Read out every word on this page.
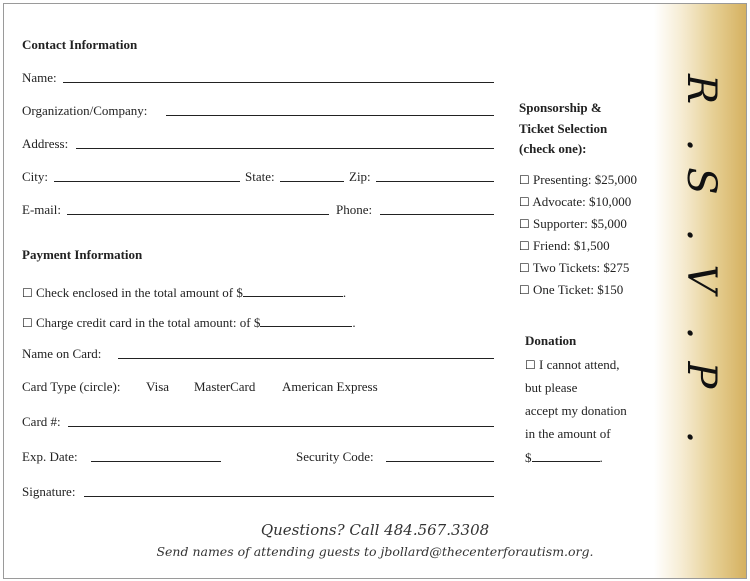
R
.
S
.
V
.
P
.
Contact Information
Name:
Organization/Company:
Address:
City:	State:	Zip:
E-mail:	Phone:
Payment Information
☐ Check enclosed in the total amount of $	.
☐ Charge credit card in the total amount: of $	.
Name on Card:
Card Type (circle): Visa MasterCard American Express
Card #:
Exp. Date:	Security Code:
Signature:
Sponsorship &
Ticket Selection
(check one):
☐ Presenting: $25,000
☐ Advocate: $10,000
☐ Supporter: $5,000
☐ Friend: $1,500
☐ Two Tickets: $275
☐ One Ticket: $150
Donation
☐ I cannot attend,
but please
accept my donation
in the amount of
$	.
Questions? Call 484.567.3308
Send names of attending guests to jbollard@thecenterforautism.org.
